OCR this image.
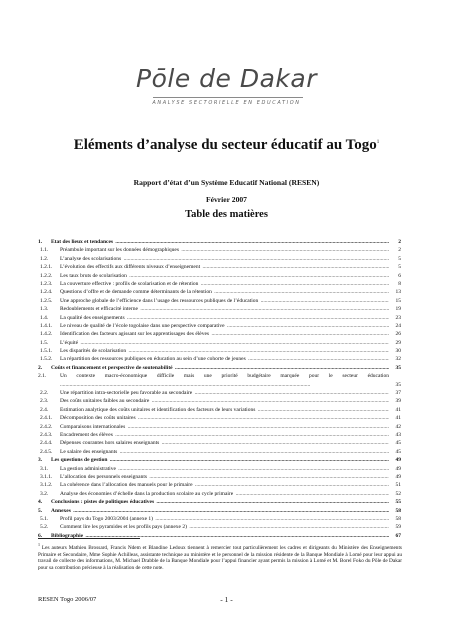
Pōle de Dakar
ANALYSE SECTORIELLE EN EDUCATION
Eléments d’analyse du secteur éducatif au Togo$^1$
Rapport d’état d’un Système Educatif National (RESEN)
Février 2007
Table des matières
1.	Etat des lieux et tendances .....	2
1.1.	Préambule important sur les données démographiques .....	2
1.2.	L’analyse des scolarisations .....	5
1.2.1.	L’évolution des effectifs aux différents niveaux d’enseignement .....	5
1.2.2.	Les taux bruts de scolarisation .....	6
1.2.3.	La couverture effective : profils de scolarisation et de rétention .....	8
1.2.4.	Questions d’offre et de demande comme déterminants de la rétention .....	13
1.2.5.	Une approche globale de l’efficience dans l’usage des ressources publiques de l’éducation .....	15
1.3.	Redoublements et efficacité interne .....	19
1.4.	La qualité des enseignements .....	23
1.4.1.	Le niveau de qualité de l’école togolaise dans une perspective comparative .....	24
1.4.2.	Identification des facteurs agissant sur les apprentissages des élèves .....	26
1.5.	L’équité .....	29
1.5.1.	Les disparités de scolarisation .....	30
1.5.2.	La répartition des ressources publiques en éducation au sein d’une cohorte de jeunes .....	32
2.	Coûts et financement et perspective de soutenabilité .....	35
2.1.	Un contexte macro-économique difficile mais une priorité budgétaire marquée pour le secteur éducation .....
35
2.2.	Une répartition intra-sectorielle peu favorable au secondaire .....	37
2.3.	Des coûts unitaires faibles au secondaire .....	39
2.4.	Estimation analytique des coûts unitaires et identification des facteurs de leurs variations .....	41
2.4.1.	Décomposition des coûts unitaires .....	41
2.4.2.	Comparaisons internationales .....	42
2.4.3.	Encadrement des élèves .....	43
2.4.4.	Dépenses courantes hors salaires enseignants .....	45
2.4.5.	Le salaire des enseignants .....	45
3.	Les questions de gestion .....	49
3.1.	La gestion administrative .....	49
3.1.1.	L’allocation des personnels enseignants .....	49
3.1.2.	La cohérence dans l’allocation des manuels pour le primaire .....	51
3.2.	Analyse des économies d’échelle dans la production scolaire au cycle primaire .....	52
4.	Conclusions : pistes de politiques éducatives .....	55
5.	Annexes .....	58
5.1.	Profil pays du Togo 2003/2004 (annexe 1) .....	58
5.2.	Comment lire les pyramides et les profils pays (annexe 2) .....	59
6.	Bibliographie .....	67
$^1$ Les auteurs Mathieu Brossard, Francis Ndem et Blandine Ledoux tiennent à remercier tout particulièrement les cadres et dirigeants du Ministère des Enseignements Primaire et Secondaire, Mme Sophie Achilleas, assistante technique au ministère et le personnel de la mission résidente de la Banque Mondiale à Lomé pour leur appui au travail de collecte des informations, M. Michael Drabble de la Banque Mondiale pour l’appui financier ayant permis la mission à Lomé et M. Borel Foko du Pôle de Dakar pour sa contribution précieuse à la réalisation de cette note.
RESEN Togo 2006/07	- 1 -
